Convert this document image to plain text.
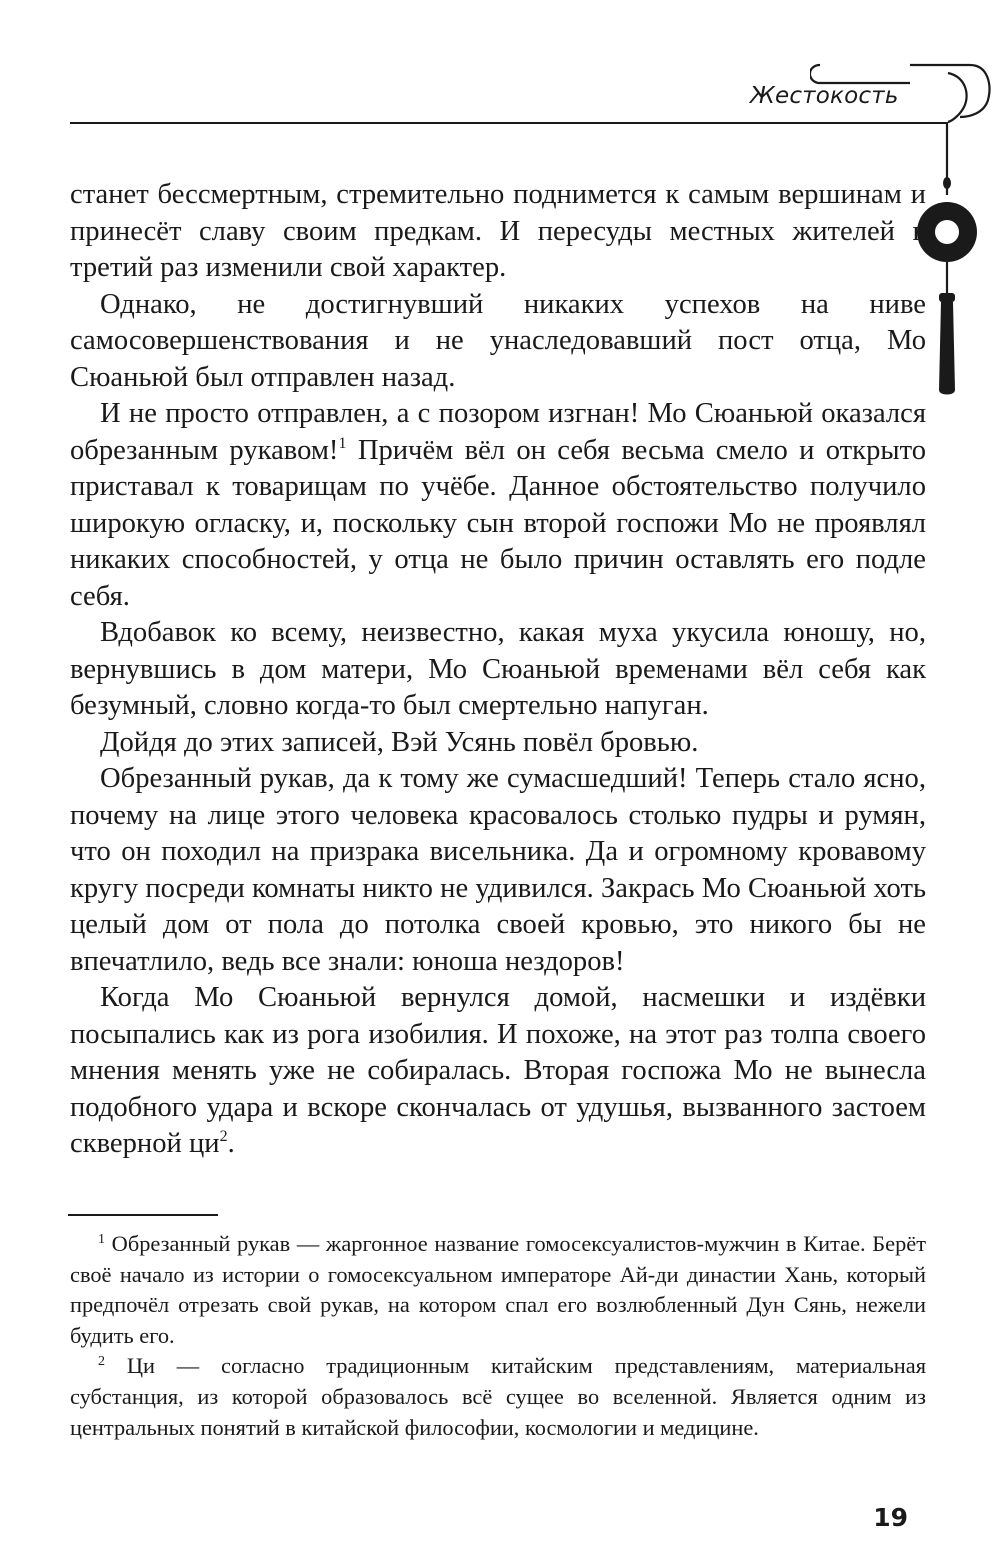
Жестокость

станет бессмертным, стремительно поднимется к самым вершинам и принесёт славу своим предкам. И пересуды местных жителей в третий раз изменили свой характер.

Однако, не достигнувший никаких успехов на ниве самосовершенствования и не унаследовавший пост отца, Мо Сюаньюй был отправлен назад.

И не просто отправлен, а с позором изгнан! Мо Сюаньюй оказался обрезанным рукавом!$^1$ Причём вёл он себя весьма смело и открыто приставал к товарищам по учёбе. Данное обстоятельство получило широкую огласку, и, поскольку сын второй госпожи Мо не проявлял никаких способностей, у отца не было причин оставлять его подле себя.

Вдобавок ко всему, неизвестно, какая муха укусила юношу, но, вернувшись в дом матери, Мо Сюаньюй временами вёл себя как безумный, словно когда-то был смертельно напуган.

Дойдя до этих записей, Вэй Усянь повёл бровью.

Обрезанный рукав, да к тому же сумасшедший! Теперь стало ясно, почему на лице этого человека красовалось столько пудры и румян, что он походил на призрака висельника. Да и огромному кровавому кругу посреди комнаты никто не удивился. Закрась Мо Сюаньюй хоть целый дом от пола до потолка своей кровью, это никого бы не впечатлило, ведь все знали: юноша нездоров!

Когда Мо Сюаньюй вернулся домой, насмешки и издёвки посыпались как из рога изобилия. И похоже, на этот раз толпа своего мнения менять уже не собиралась. Вторая госпожа Мо не вынесла подобного удара и вскоре скончалась от удушья, вызванного застоем скверной ци$^2$.

$^1$ Обрезанный рукав — жаргонное название гомосексуалистов-мужчин в Китае. Берёт своё начало из истории о гомосексуальном императоре Ай-ди династии Хань, который предпочёл отрезать свой рукав, на котором спал его возлюбленный Дун Сянь, нежели будить его.

$^2$ Ци — согласно традиционным китайским представлениям, материальная субстанция, из которой образовалось всё сущее во вселенной. Является одним из центральных понятий в китайской философии, космологии и медицине.

19
